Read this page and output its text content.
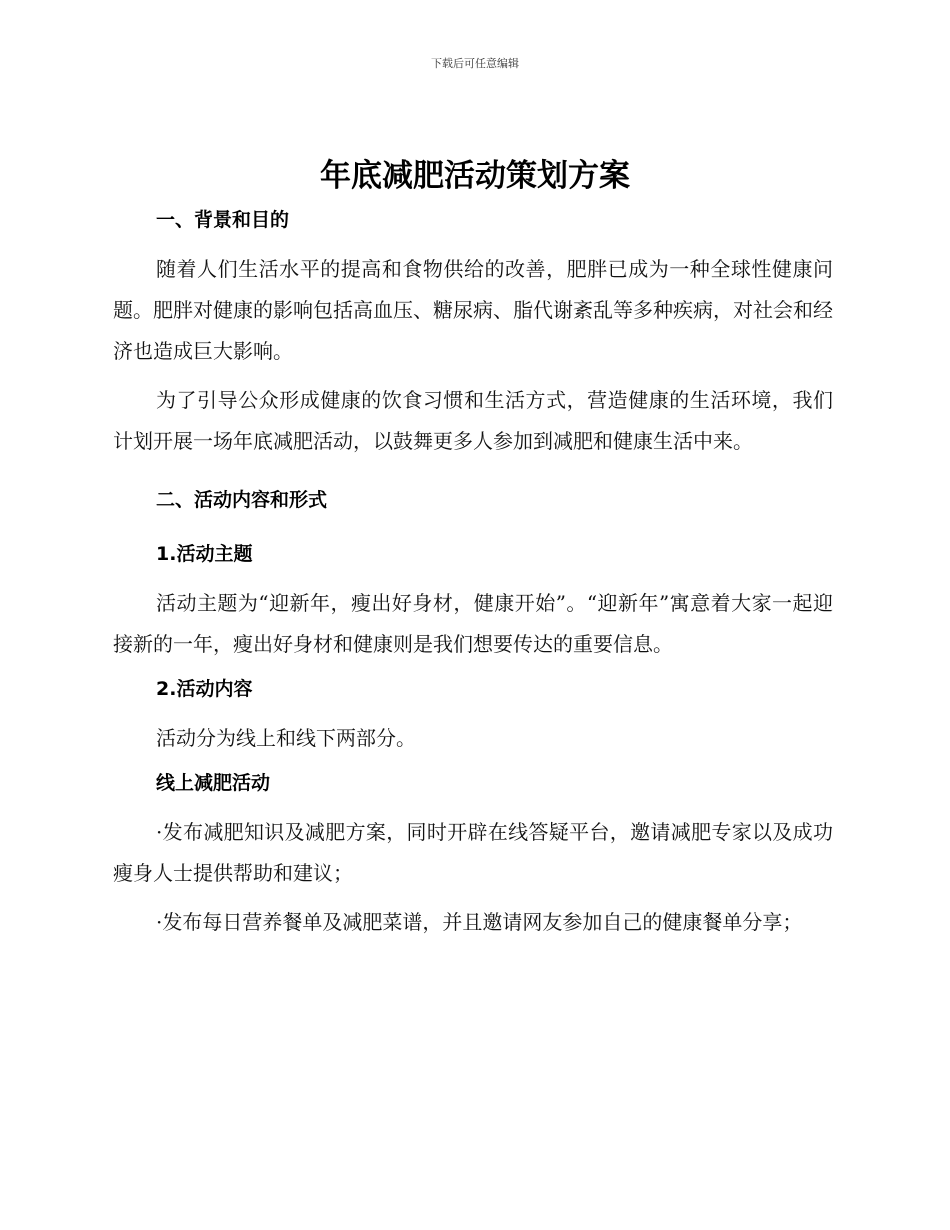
下载后可任意编辑
年底减肥活动策划方案

一、背景和目的

随着人们生活水平的提高和食物供给的改善，肥胖已成为一种全球性健康问题。肥胖对健康的影响包括高血压、糖尿病、脂代谢紊乱等多种疾病，对社会和经济也造成巨大影响。

为了引导公众形成健康的饮食习惯和生活方式，营造健康的生活环境，我们计划开展一场年底减肥活动，以鼓舞更多人参加到减肥和健康生活中来。

二、活动内容和形式

1.活动主题

活动主题为“迎新年，瘦出好身材，健康开始”。“迎新年”寓意着大家一起迎接新的一年，瘦出好身材和健康则是我们想要传达的重要信息。

2.活动内容

活动分为线上和线下两部分。

线上减肥活动

·发布减肥知识及减肥方案，同时开辟在线答疑平台，邀请减肥专家以及成功瘦身人士提供帮助和建议；

·发布每日营养餐单及减肥菜谱，并且邀请网友参加自己的健康餐单分享；
